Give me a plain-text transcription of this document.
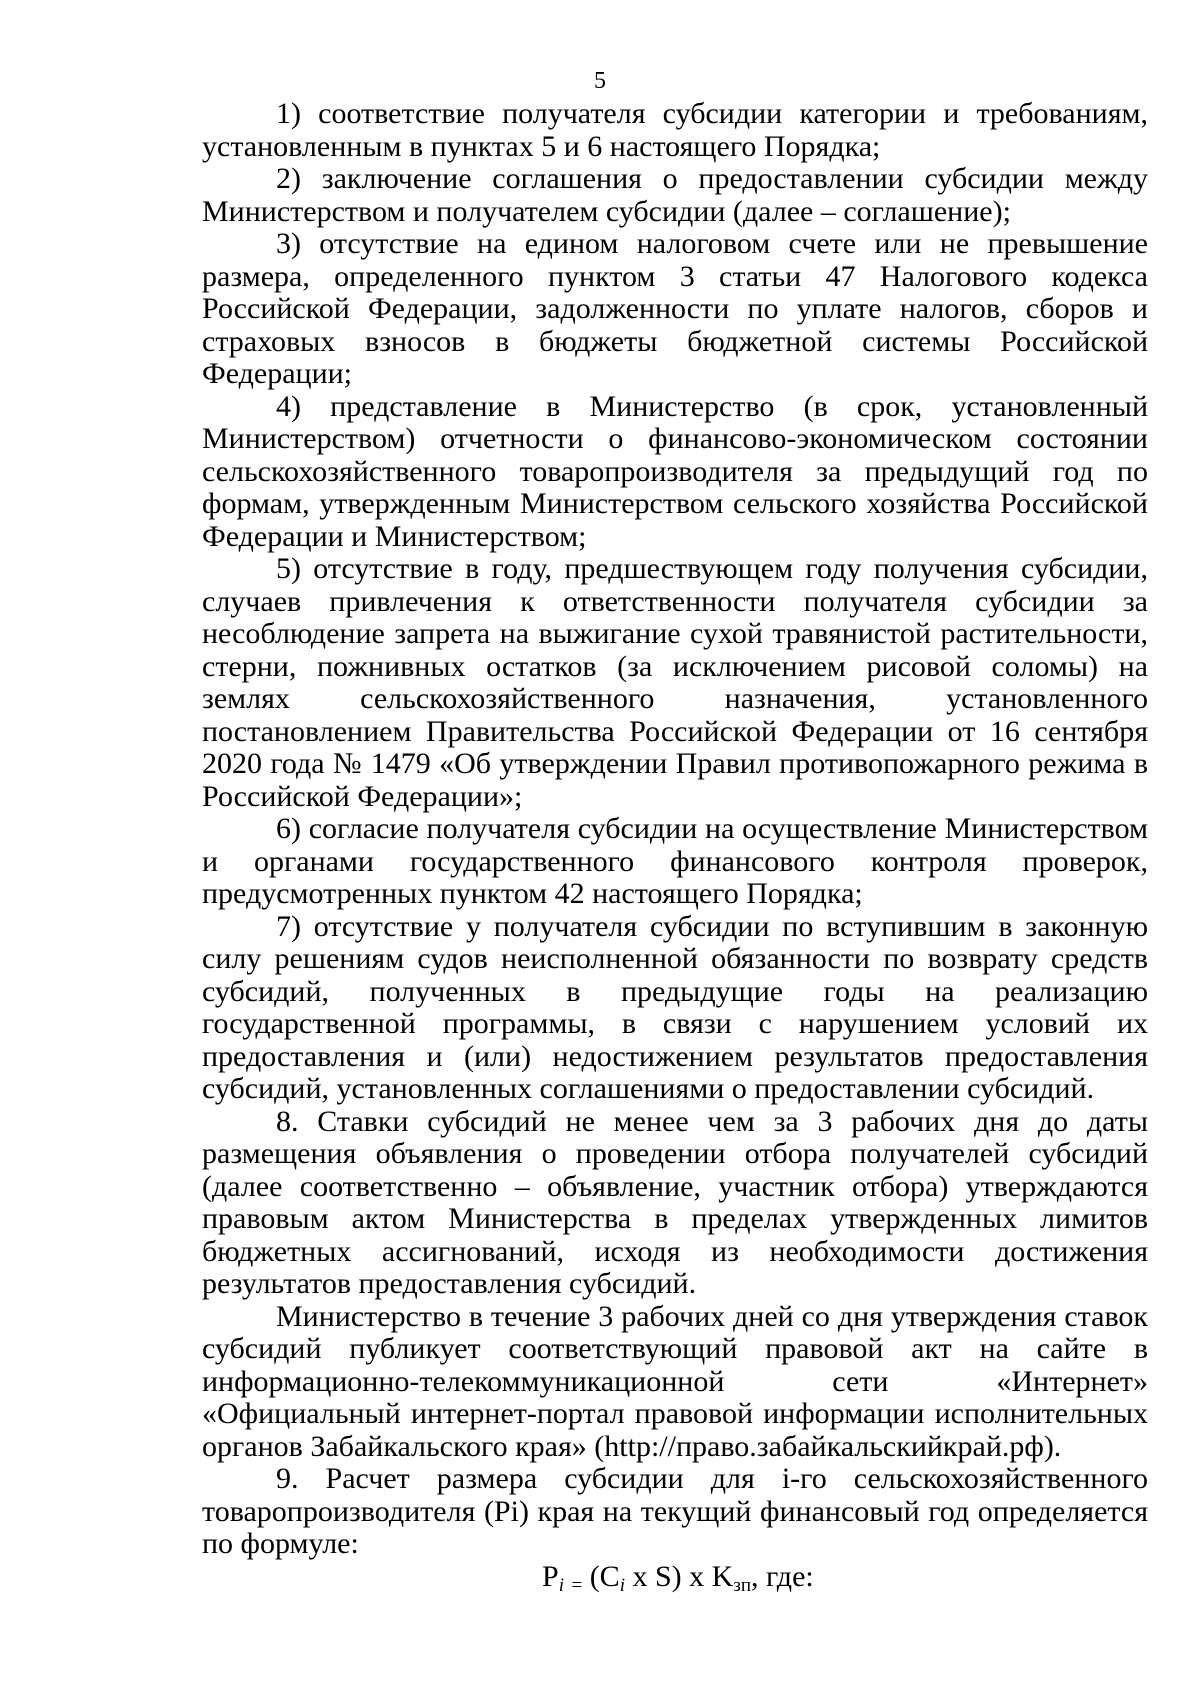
5

1) соответствие получателя субсидии категории и требованиям, установленным в пунктах 5 и 6 настоящего Порядка;

2) заключение соглашения о предоставлении субсидии между Министерством и получателем субсидии (далее – соглашение);

3) отсутствие на едином налоговом счете или не превышение размера, определенного пунктом 3 статьи 47 Налогового кодекса Российской Федерации, задолженности по уплате налогов, сборов и страховых взносов в бюджеты бюджетной системы Российской Федерации;

4) представление в Министерство (в срок, установленный Министерством) отчетности о финансово-экономическом состоянии сельскохозяйственного товаропроизводителя за предыдущий год по формам, утвержденным Министерством сельского хозяйства Российской Федерации и Министерством;

5) отсутствие в году, предшествующем году получения субсидии, случаев привлечения к ответственности получателя субсидии за несоблюдение запрета на выжигание сухой травянистой растительности, стерни, пожнивных остатков (за исключением рисовой соломы) на землях сельскохозяйственного назначения, установленного постановлением Правительства Российской Федерации от 16 сентября 2020 года № 1479 «Об утверждении Правил противопожарного режима в Российской Федерации»;

6) согласие получателя субсидии на осуществление Министерством и органами государственного финансового контроля проверок, предусмотренных пунктом 42 настоящего Порядка;

7) отсутствие у получателя субсидии по вступившим в законную силу решениям судов неисполненной обязанности по возврату средств субсидий, полученных в предыдущие годы на реализацию государственной программы, в связи с нарушением условий их предоставления и (или) недостижением результатов предоставления субсидий, установленных соглашениями о предоставлении субсидий.

8. Ставки субсидий не менее чем за 3 рабочих дня до даты размещения объявления о проведении отбора получателей субсидий (далее соответственно – объявление, участник отбора) утверждаются правовым актом Министерства в пределах утвержденных лимитов бюджетных ассигнований, исходя из необходимости достижения результатов предоставления субсидий.

Министерство в течение 3 рабочих дней со дня утверждения ставок субсидий публикует соответствующий правовой акт на сайте в информационно-телекоммуникационной сети «Интернет» «Официальный интернет-портал правовой информации исполнительных органов Забайкальского края» (http://право.забайкальскийкрай.рф).

9. Расчет размера субсидии для i-го сельскохозяйственного товаропроизводителя (Pi) края на текущий финансовый год определяется по формуле:

$P_i$ $_=$ ($C_i$ x S) x $K_{зп}$, где:
